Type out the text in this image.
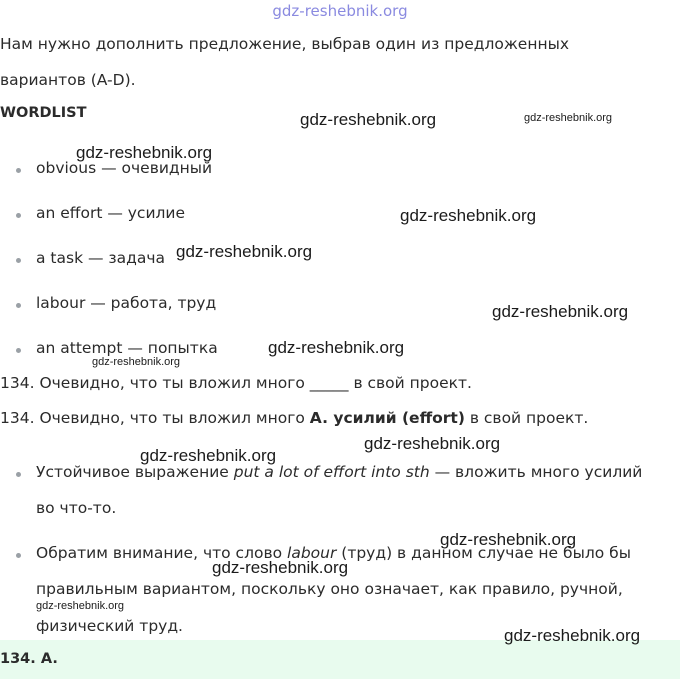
gdz-reshebnik.org
Нам нужно дополнить предложение, выбрав один из предложенных
вариантов (A-D).
WORDLIST
obvious — очевидный
an effort — усилие
a task — задача
labour — работа, труд
an attempt — попытка
134. Очевидно, что ты вложил много _____ в свой проект.
134. Очевидно, что ты вложил много A. усилий (effort) в свой проект.
Устойчивое выражение put a lot of effort into sth — вложить много усилий
во что-то.
Обратим внимание, что слово labour (труд) в данном случае не было бы
правильным вариантом, поскольку оно означает, как правило, ручной,
физический труд.
134. A.
gdz-reshebnik.org	gdz-reshebnik.org
gdz-reshebnik.org
gdz-reshebnik.org
gdz-reshebnik.org
gdz-reshebnik.org
gdz-reshebnik.org
gdz-reshebnik.org
gdz-reshebnik.org
gdz-reshebnik.org
gdz-reshebnik.org
gdz-reshebnik.org
gdz-reshebnik.org
gdz-reshebnik.org
